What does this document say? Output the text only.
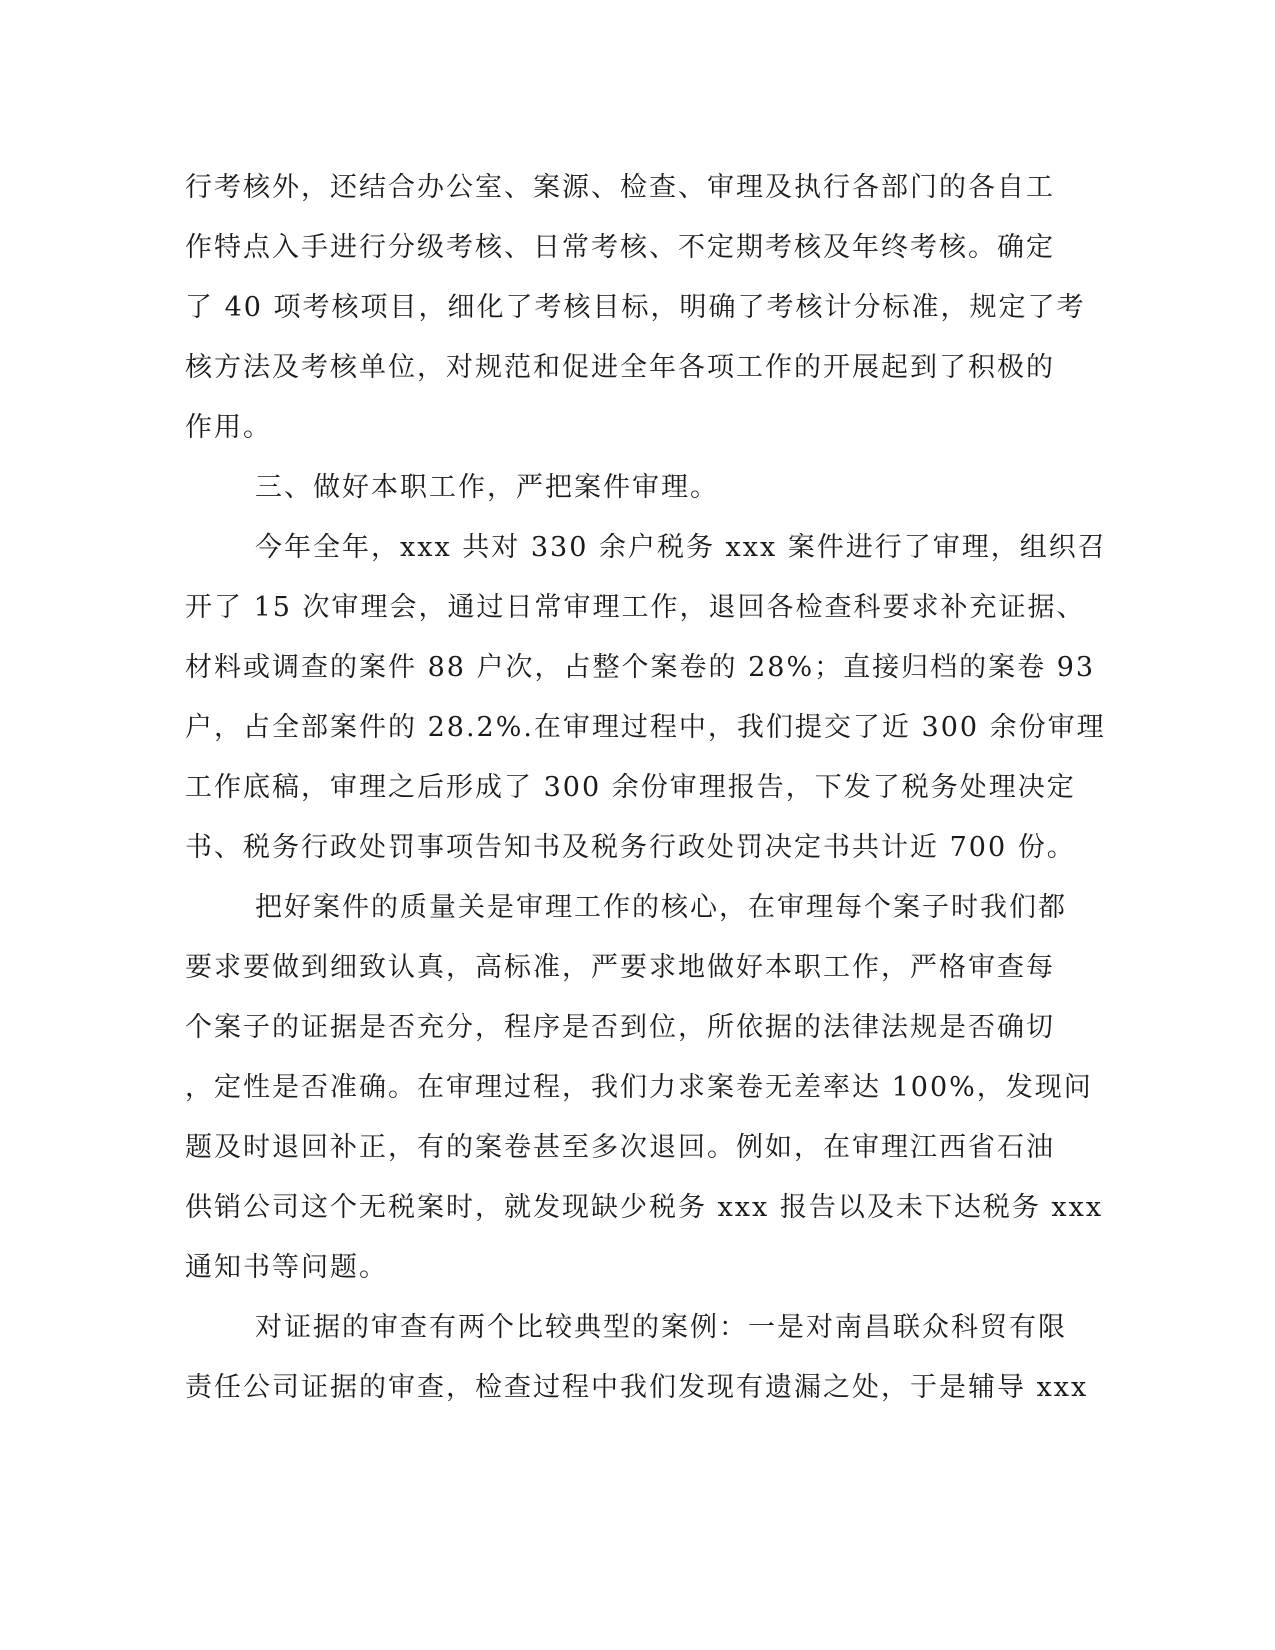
行考核外，还结合办公室、案源、检查、审理及执行各部门的各自工
作特点入手进行分级考核、日常考核、不定期考核及年终考核。确定
了 40 项考核项目，细化了考核目标，明确了考核计分标准，规定了考
核方法及考核单位，对规范和促进全年各项工作的开展起到了积极的
作用。
三、做好本职工作，严把案件审理。
今年全年，xxx 共对 330 余户税务 xxx 案件进行了审理，组织召
开了 15 次审理会，通过日常审理工作，退回各检查科要求补充证据、
材料或调查的案件 88 户次，占整个案卷的 28%；直接归档的案卷 93
户，占全部案件的 28.2%.在审理过程中，我们提交了近 300 余份审理
工作底稿，审理之后形成了 300 余份审理报告，下发了税务处理决定
书、税务行政处罚事项告知书及税务行政处罚决定书共计近 700 份。
把好案件的质量关是审理工作的核心，在审理每个案子时我们都
要求要做到细致认真，高标准，严要求地做好本职工作，严格审查每
个案子的证据是否充分，程序是否到位，所依据的法律法规是否确切
，定性是否准确。在审理过程，我们力求案卷无差率达 100%，发现问
题及时退回补正，有的案卷甚至多次退回。例如，在审理江西省石油
供销公司这个无税案时，就发现缺少税务 xxx 报告以及未下达税务 xxx
通知书等问题。
对证据的审查有两个比较典型的案例：一是对南昌联众科贸有限
责任公司证据的审查，检查过程中我们发现有遗漏之处，于是辅导 xxx
